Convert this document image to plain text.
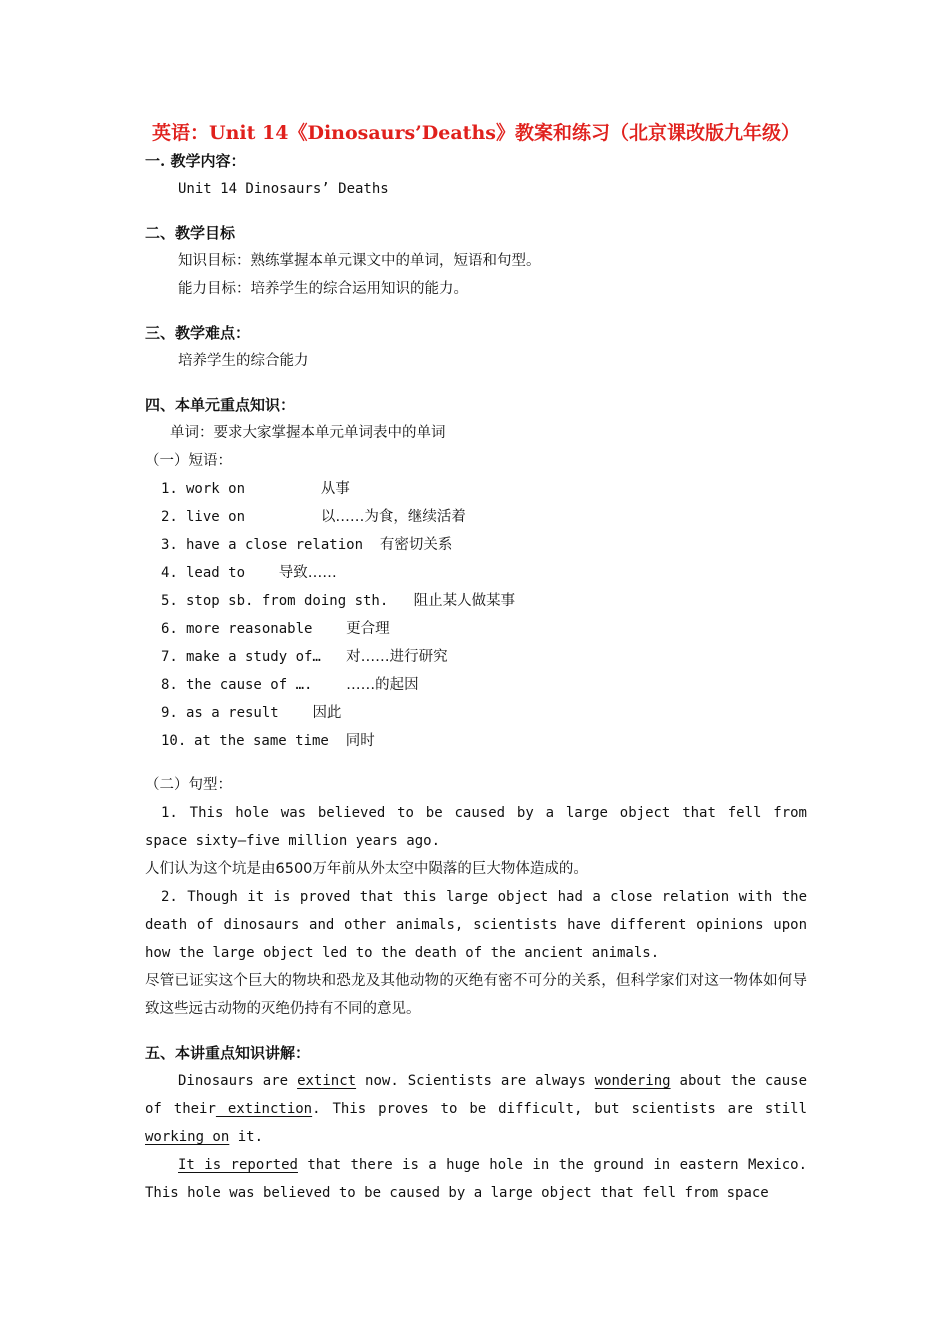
英语：Unit 14《Dinosaurs’Deaths》教案和练习（北京课改版九年级）
一. 教学内容：
Unit 14 Dinosaurs’ Deaths
二、教学目标
知识目标：熟练掌握本单元课文中的单词，短语和句型。
能力目标：培养学生的综合运用知识的能力。
三、教学难点：
培养学生的综合能力
四、本单元重点知识：
单词：要求大家掌握本单元单词表中的单词
（一）短语：
1. work on 从事
2. live on 以……为食，继续活着
3. have a close relation 有密切关系
4. lead to 导致……
5. stop sb. from doing sth. 阻止某人做某事
6. more reasonable 更合理
7. make a study of… 对……进行研究
8. the cause of …. ……的起因
9. as a result 因此
10. at the same time 同时
（二）句型：
1. This hole was believed to be caused by a large object that fell from space sixty—five million years ago.
人们认为这个坑是由6500万年前从外太空中陨落的巨大物体造成的。
2. Though it is proved that this large object had a close relation with the death of dinosaurs and other animals, scientists have different opinions upon how the large object led to the death of the ancient animals.
尽管已证实这个巨大的物块和恐龙及其他动物的灭绝有密不可分的关系，但科学家们对这一物体如何导致这些远古动物的灭绝仍持有不同的意见。
五、本讲重点知识讲解：
Dinosaurs are extinct now. Scientists are always wondering about the cause of their extinction. This proves to be difficult, but scientists are still working on it.
It is reported that there is a huge hole in the ground in eastern Mexico. This hole was believed to be caused by a large object that fell from space
